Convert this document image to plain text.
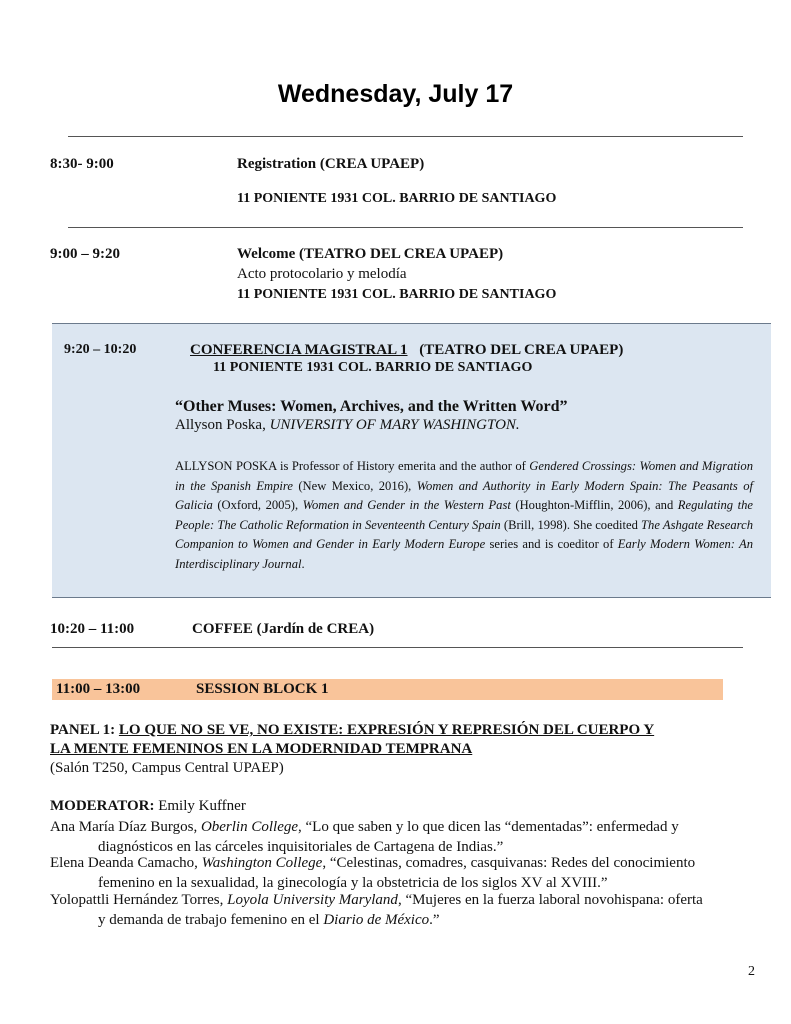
Wednesday, July 17
8:30- 9:00	Registration (CREA UPAEP)
11 PONIENTE 1931 COL. BARRIO DE SANTIAGO
9:00 – 9:20	Welcome (TEATRO DEL CREA UPAEP)
Acto protocolario y melodía
11 PONIENTE 1931 COL. BARRIO DE SANTIAGO
9:20 – 10:20	CONFERENCIA MAGISTRAL 1 (TEATRO DEL CREA UPAEP)
11 PONIENTE 1931 COL. BARRIO DE SANTIAGO
“Other Muses: Women, Archives, and the Written Word”
Allyson Poska, UNIVERSITY OF MARY WASHINGTON.
ALLYSON POSKA is Professor of History emerita and the author of Gendered Crossings: Women and Migration in the Spanish Empire (New Mexico, 2016), Women and Authority in Early Modern Spain: The Peasants of Galicia (Oxford, 2005), Women and Gender in the Western Past (Houghton-Mifflin, 2006), and Regulating the People: The Catholic Reformation in Seventeenth Century Spain (Brill, 1998). She coedited The Ashgate Research Companion to Women and Gender in Early Modern Europe series and is coeditor of Early Modern Women: An Interdisciplinary Journal.
10:20 – 11:00	COFFEE (Jardín de CREA)
11:00 – 13:00	SESSION BLOCK 1
PANEL 1: LO QUE NO SE VE, NO EXISTE: EXPRESIÓN Y REPRESIÓN DEL CUERPO Y
LA MENTE FEMENINOS EN LA MODERNIDAD TEMPRANA
(Salón T250, Campus Central UPAEP)
MODERATOR: Emily Kuffner
Ana María Díaz Burgos, Oberlin College, “Lo que saben y lo que dicen las “dementadas”: enfermedad y
diagnósticos en las cárceles inquisitoriales de Cartagena de Indias.”
Elena Deanda Camacho, Washington College, “Celestinas, comadres, casquivanas: Redes del conocimiento
femenino en la sexualidad, la ginecología y la obstetricia de los siglos XV al XVIII.”
Yolopattli Hernández Torres, Loyola University Maryland, “Mujeres en la fuerza laboral novohispana: oferta
y demanda de trabajo femenino en el Diario de México.”
2
